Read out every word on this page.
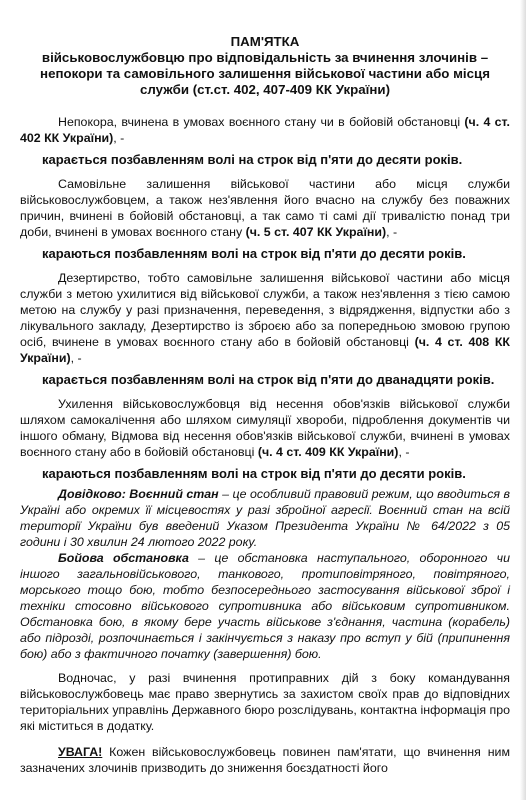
ПАМ'ЯТКА

військовослужбовцю про відповідальність за вчинення злочинів – непокори та самовільного залишення військової частини або місця служби (ст.ст. 402, 407-409 КК України)

Непокора, вчинена в умовах воєнного стану чи в бойовій обстановці (ч. 4 ст. 402 КК України), -

карається позбавленням волі на строк від п'яти до десяти років.

Самовільне залишення військової частини або місця служби військовослужбовцем, а також нез'явлення його вчасно на службу без поважних причин, вчинені в бойовій обстановці, а так само ті самі дії тривалістю понад три доби, вчинені в умовах воєнного стану (ч. 5 ст. 407 КК України), -

караються позбавленням волі на строк від п'яти до десяти років.

Дезертирство, тобто самовільне залишення військової частини або місця служби з метою ухилитися від військової служби, а також нез'явлення з тією самою метою на службу у разі призначення, переведення, з відрядження, відпустки або з лікувального закладу, Дезертирство із зброєю або за попередньою змовою групою осіб, вчинене в умовах воєнного стану або в бойовій обстановці (ч. 4 ст. 408 КК України), -

карається позбавленням волі на строк від п'яти до дванадцяти років.

Ухилення військовослужбовця від несення обов'язків військової служби шляхом самокалічення або шляхом симуляції хвороби, підроблення документів чи іншого обману, Відмова від несення обов'язків військової служби, вчинені в умовах воєнного стану або в бойовій обстановці (ч. 4 ст. 409 КК України), -

караються позбавленням волі на строк від п'яти до десяти років.

Довідково: Воєнний стан – це особливий правовий режим, що вводиться в Україні або окремих її місцевостях у разі збройної агресії. Воєнний стан на всій території України був введений Указом Президента України № 64/2022 з 05 години і 30 хвилин 24 лютого 2022 року.

Бойова обстановка – це обстановка наступального, оборонного чи іншого загальновійськового, танкового, протиповітряного, повітряного, морського тощо бою, тобто безпосереднього застосування військової зброї і техніки стосовно військового супротивника або військовим супротивником. Обстановка бою, в якому бере участь військове з'єднання, частина (корабель) або підрозді, розпочинається і закінчується з наказу про вступ у бій (припинення бою) або з фактичного початку (завершення) бою.

Водночас, у разі вчинення протиправних дій з боку командування військовослужбовець має право звернутись за захистом своїх прав до відповідних територіальних управлінь Державного бюро розслідувань, контактна інформація про які міститься в додатку.

УВАГА! Кожен військовослужбовець повинен пам'ятати, що вчинення ним зазначених злочинів призводить до зниження боєздатності його
